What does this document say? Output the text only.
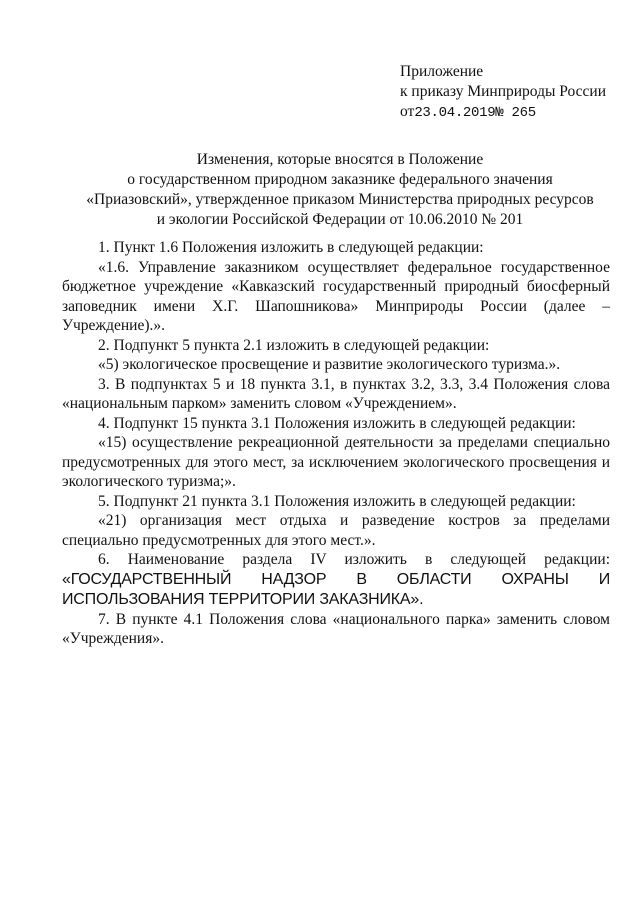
Приложение
к приказу Минприроды России
от23.04.2019№ 265
Изменения, которые вносятся в Положение
о государственном природном заказнике федерального значения
«Приазовский», утвержденное приказом Министерства природных ресурсов
и экологии Российской Федерации от 10.06.2010 № 201

1. Пункт 1.6 Положения изложить в следующей редакции:

«1.6. Управление заказником осуществляет федеральное государственное бюджетное учреждение «Кавказский государственный природный биосферный заповедник имени Х.Г. Шапошникова» Минприроды России (далее – Учреждение).».

2. Подпункт 5 пункта 2.1 изложить в следующей редакции:

«5) экологическое просвещение и развитие экологического туризма.».

3. В подпунктах 5 и 18 пункта 3.1, в пунктах 3.2, 3.3, 3.4 Положения слова «национальным парком» заменить словом «Учреждением».

4. Подпункт 15 пункта 3.1 Положения изложить в следующей редакции:

«15) осуществление рекреационной деятельности за пределами специально предусмотренных для этого мест, за исключением экологического просвещения и экологического туризма;».

5. Подпункт 21 пункта 3.1 Положения изложить в следующей редакции:

«21) организация мест отдыха и разведение костров за пределами специально предусмотренных для этого мест.».

6. Наименование раздела IV изложить в следующей редакции:

«ГОСУДАРСТВЕННЫЙ НАДЗОР В ОБЛАСТИ ОХРАНЫ И ИСПОЛЬЗОВАНИЯ ТЕРРИТОРИИ ЗАКАЗНИКА».

7. В пункте 4.1 Положения слова «национального парка» заменить словом «Учреждения».
